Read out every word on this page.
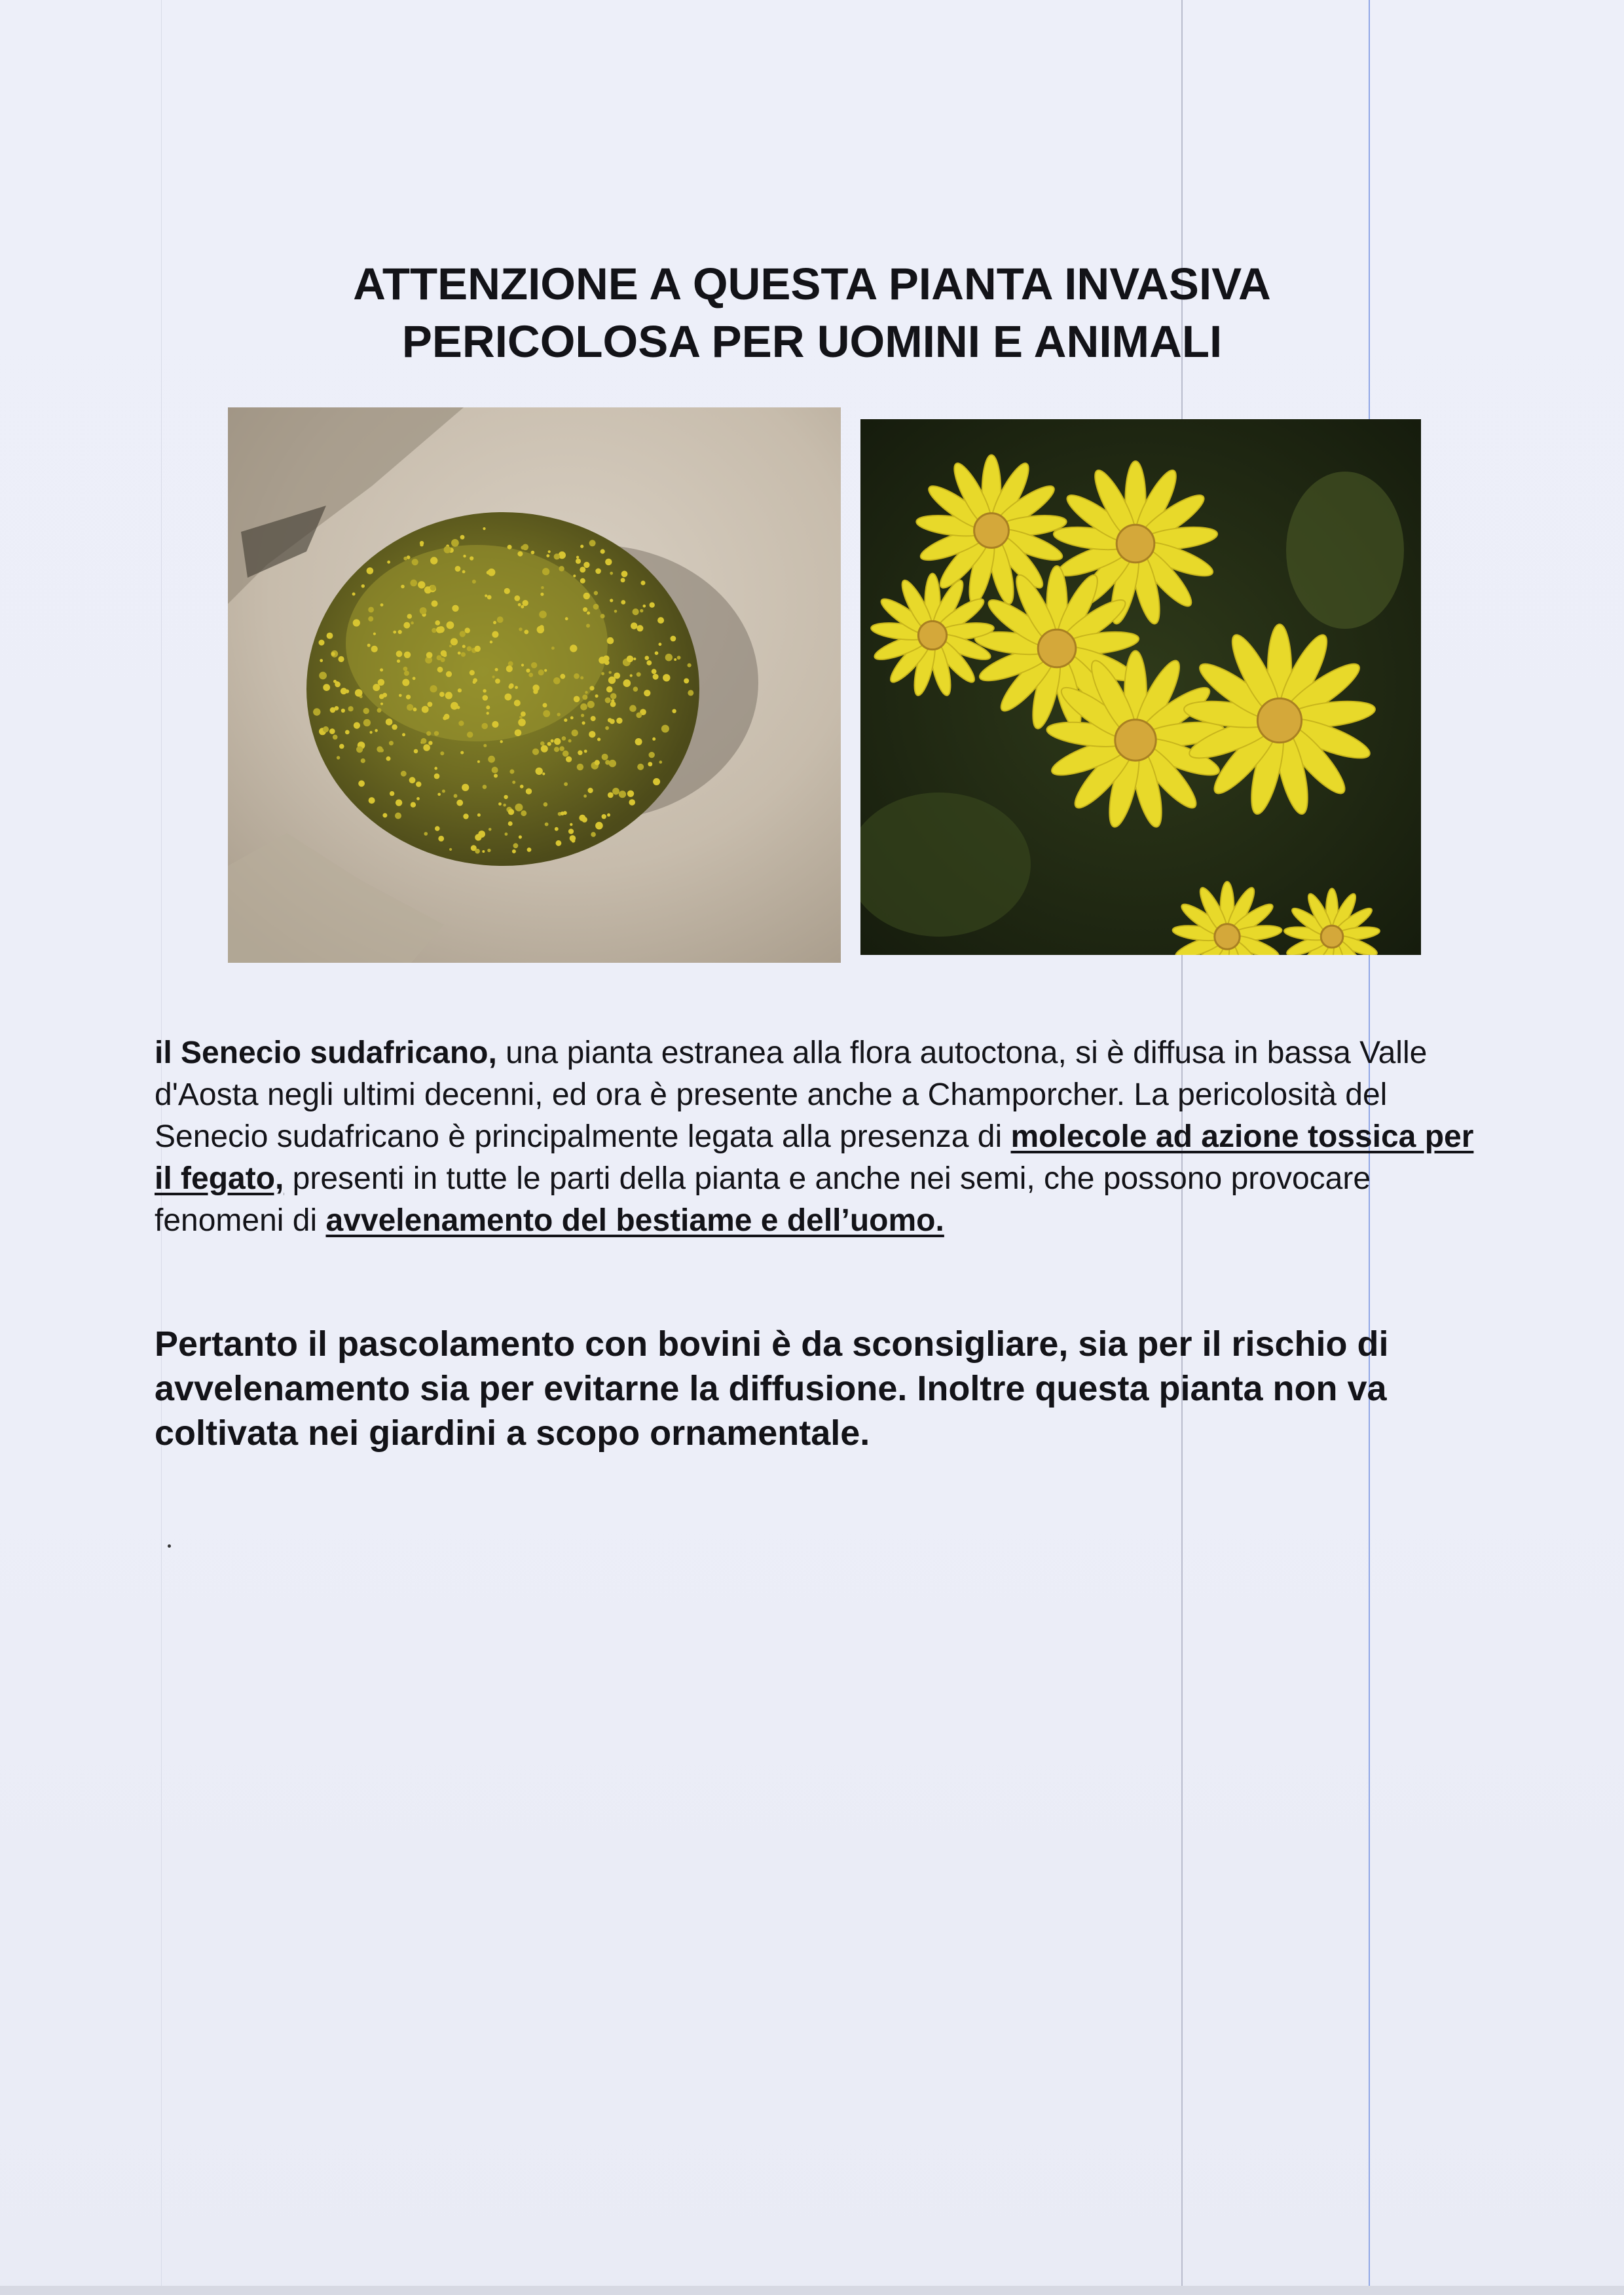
ATTENZIONE A QUESTA PIANTA INVASIVA
PERICOLOSA PER UOMINI E ANIMALI
il Senecio sudafricano, una pianta estranea alla flora autoctona, si è diffusa in bassa Valle d'Aosta negli ultimi decenni, ed ora è presente anche a Champorcher. La pericolosità del Senecio sudafricano è principalmente legata alla presenza di molecole ad azione tossica per il fegato, presenti in tutte le parti della pianta e anche nei semi, che possono provocare fenomeni di avvelenamento del bestiame e dell’uomo.
Pertanto il pascolamento con bovini è da sconsigliare, sia per il rischio di avvelenamento sia per evitarne la diffusione. Inoltre questa pianta non va coltivata nei giardini a scopo ornamentale.
